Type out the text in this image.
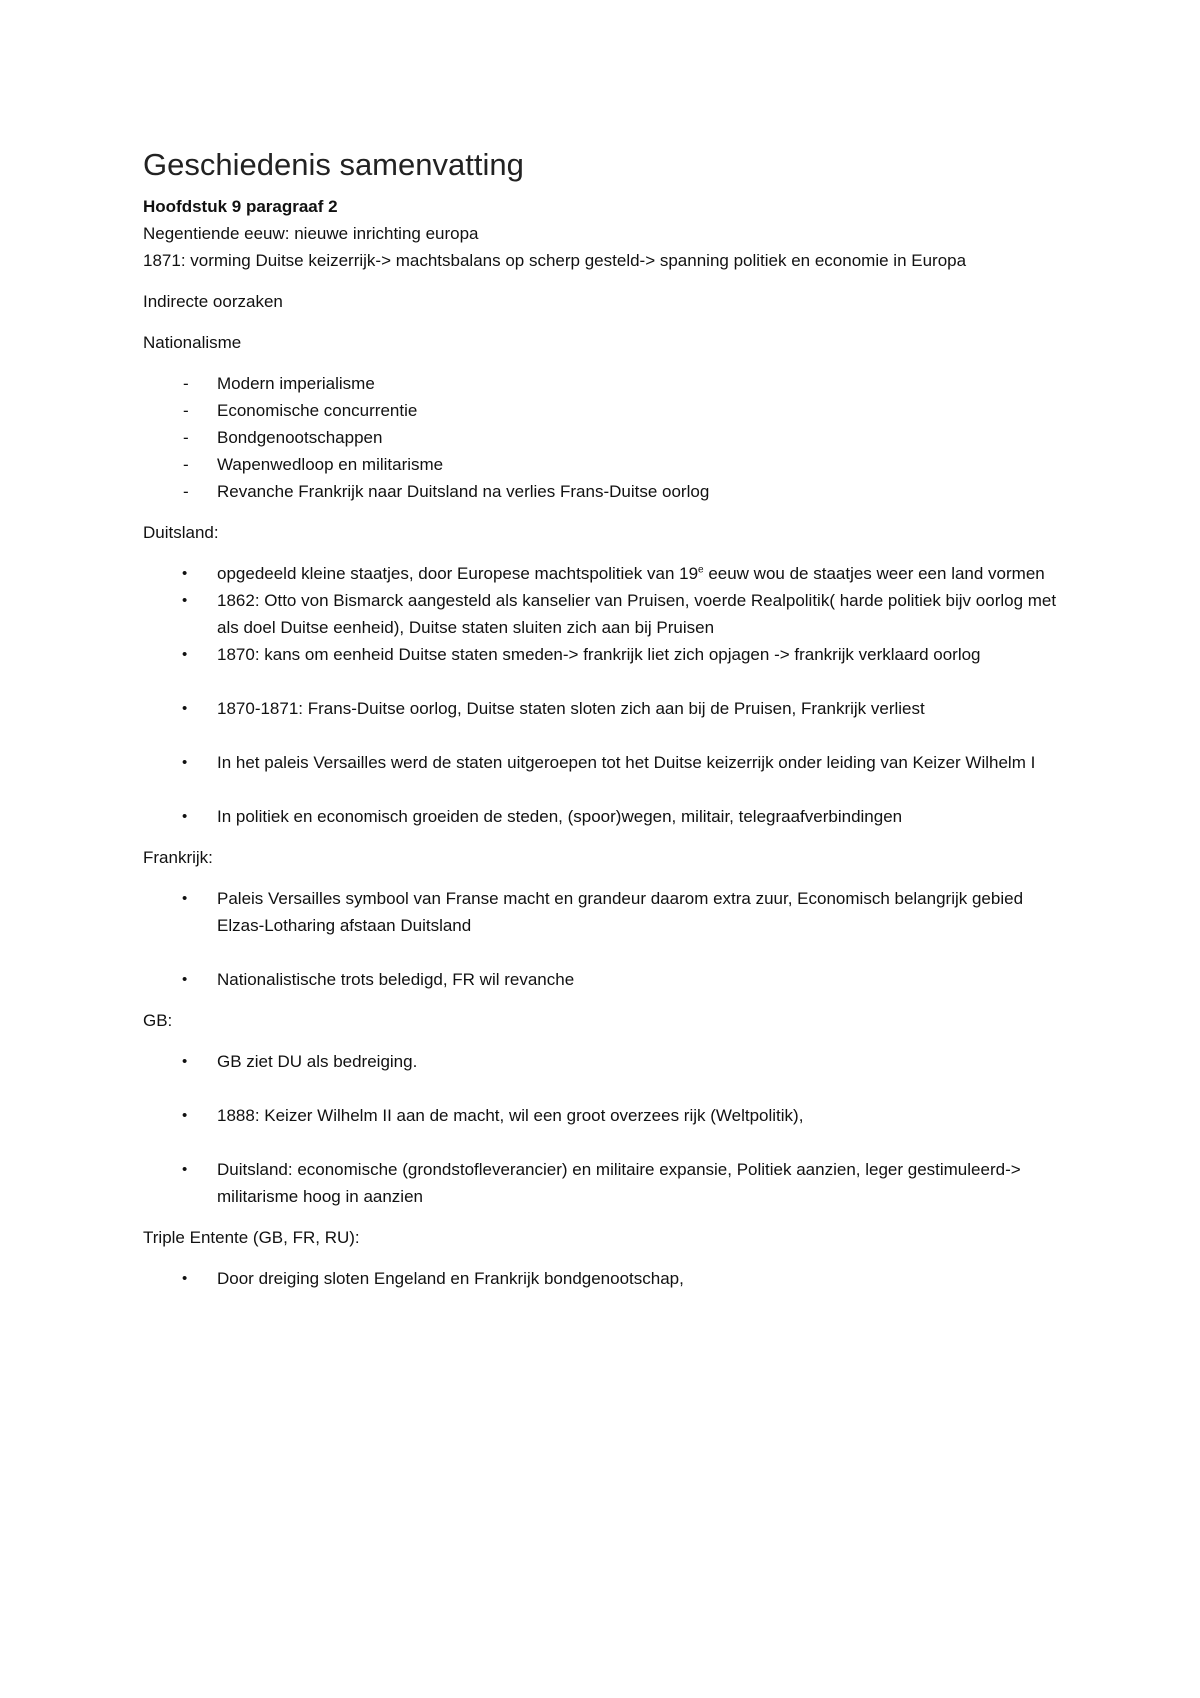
Geschiedenis samenvatting
Hoofdstuk 9 paragraaf 2
Negentiende eeuw: nieuwe inrichting europa
1871: vorming Duitse keizerrijk-> machtsbalans op scherp gesteld-> spanning politiek en economie in Europa
Indirecte oorzaken
Nationalisme
- Modern imperialisme
- Economische concurrentie
- Bondgenootschappen
- Wapenwedloop en militarisme
- Revanche Frankrijk naar Duitsland na verlies Frans-Duitse oorlog
Duitsland:
• opgedeeld kleine staatjes, door Europese machtspolitiek van 19e eeuw wou de staatjes weer een land vormen
• 1862: Otto von Bismarck aangesteld als kanselier van Pruisen, voerde Realpolitik( harde politiek bijv oorlog met als doel Duitse eenheid), Duitse staten sluiten zich aan bij Pruisen
• 1870: kans om eenheid Duitse staten smeden-> frankrijk liet zich opjagen -> frankrijk verklaard oorlog
• 1870-1871: Frans-Duitse oorlog, Duitse staten sloten zich aan bij de Pruisen, Frankrijk verliest
• In het paleis Versailles werd de staten uitgeroepen tot het Duitse keizerrijk onder leiding van Keizer Wilhelm I
• In politiek en economisch groeiden de steden, (spoor)wegen, militair, telegraafverbindingen
Frankrijk:
• Paleis Versailles symbool van Franse macht en grandeur daarom extra zuur, Economisch belangrijk gebied Elzas-Lotharing afstaan Duitsland
• Nationalistische trots beledigd, FR wil revanche
GB:
• GB ziet DU als bedreiging.
• 1888: Keizer Wilhelm II aan de macht, wil een groot overzees rijk (Weltpolitik),
• Duitsland: economische (grondstofleverancier) en militaire expansie, Politiek aanzien, leger gestimuleerd-> militarisme hoog in aanzien
Triple Entente (GB, FR, RU):
• Door dreiging sloten Engeland en Frankrijk bondgenootschap,
